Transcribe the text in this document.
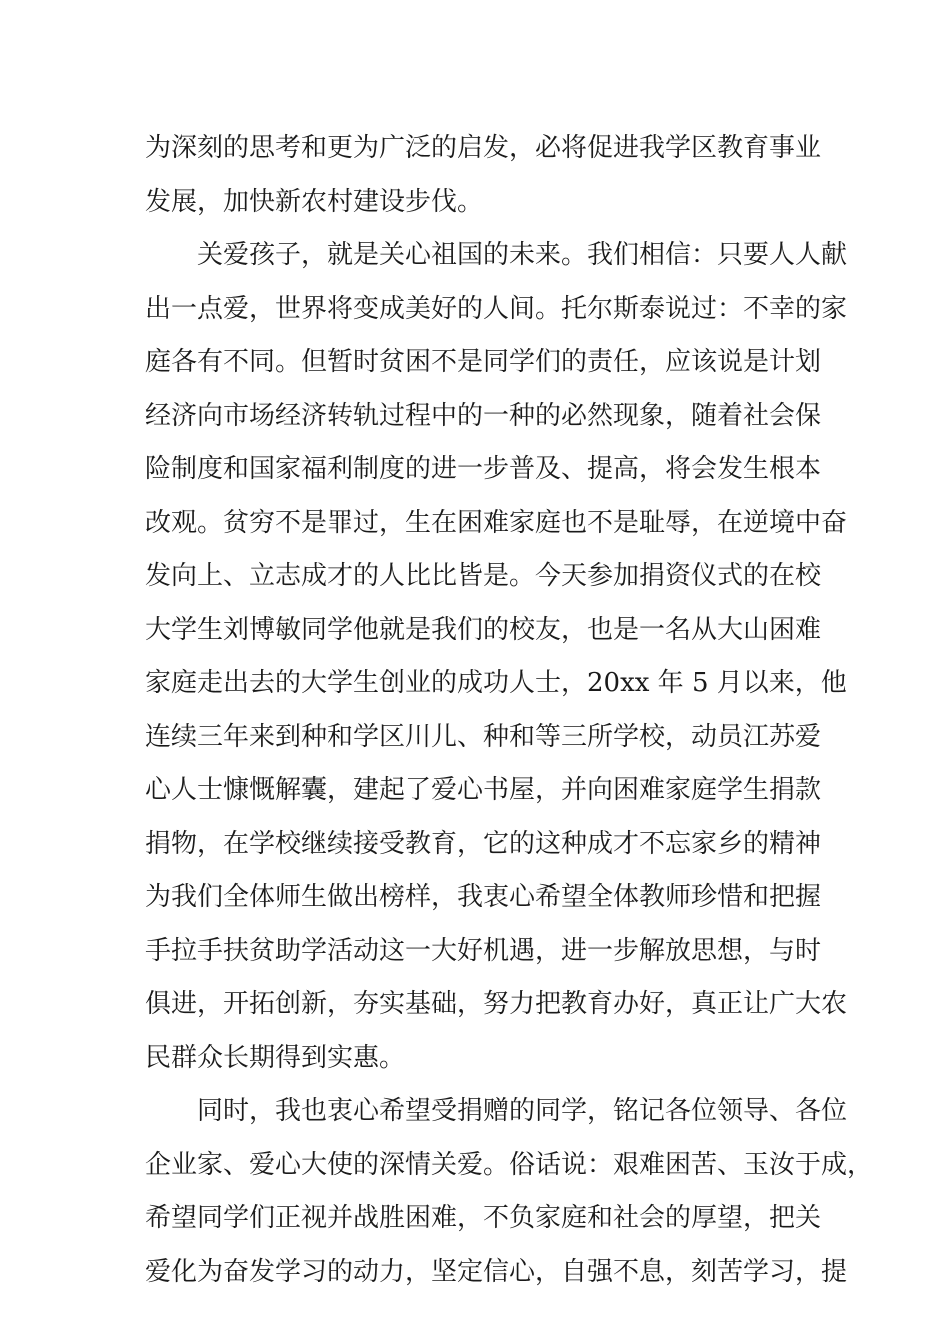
为深刻的思考和更为广泛的启发，必将促进我学区教育事业
发展，加快新农村建设步伐。
关爱孩子，就是关心祖国的未来。我们相信：只要人人献
出一点爱，世界将变成美好的人间。托尔斯泰说过：不幸的家
庭各有不同。但暂时贫困不是同学们的责任，应该说是计划
经济向市场经济转轨过程中的一种的必然现象，随着社会保
险制度和国家福利制度的进一步普及、提高，将会发生根本
改观。贫穷不是罪过，生在困难家庭也不是耻辱，在逆境中奋
发向上、立志成才的人比比皆是。今天参加捐资仪式的在校
大学生刘博敏同学他就是我们的校友，也是一名从大山困难
家庭走出去的大学生创业的成功人士，20xx 年 5 月以来，他
连续三年来到种和学区川儿、种和等三所学校，动员江苏爱
心人士慷慨解囊，建起了爱心书屋，并向困难家庭学生捐款
捐物，在学校继续接受教育，它的这种成才不忘家乡的精神
为我们全体师生做出榜样，我衷心希望全体教师珍惜和把握
手拉手扶贫助学活动这一大好机遇，进一步解放思想，与时
俱进，开拓创新，夯实基础，努力把教育办好，真正让广大农
民群众长期得到实惠。
同时，我也衷心希望受捐赠的同学，铭记各位领导、各位
企业家、爱心大使的深情关爱。俗话说：艰难困苦、玉汝于成，
希望同学们正视并战胜困难，不负家庭和社会的厚望，把关
爱化为奋发学习的动力，坚定信心，自强不息，刻苦学习，提
